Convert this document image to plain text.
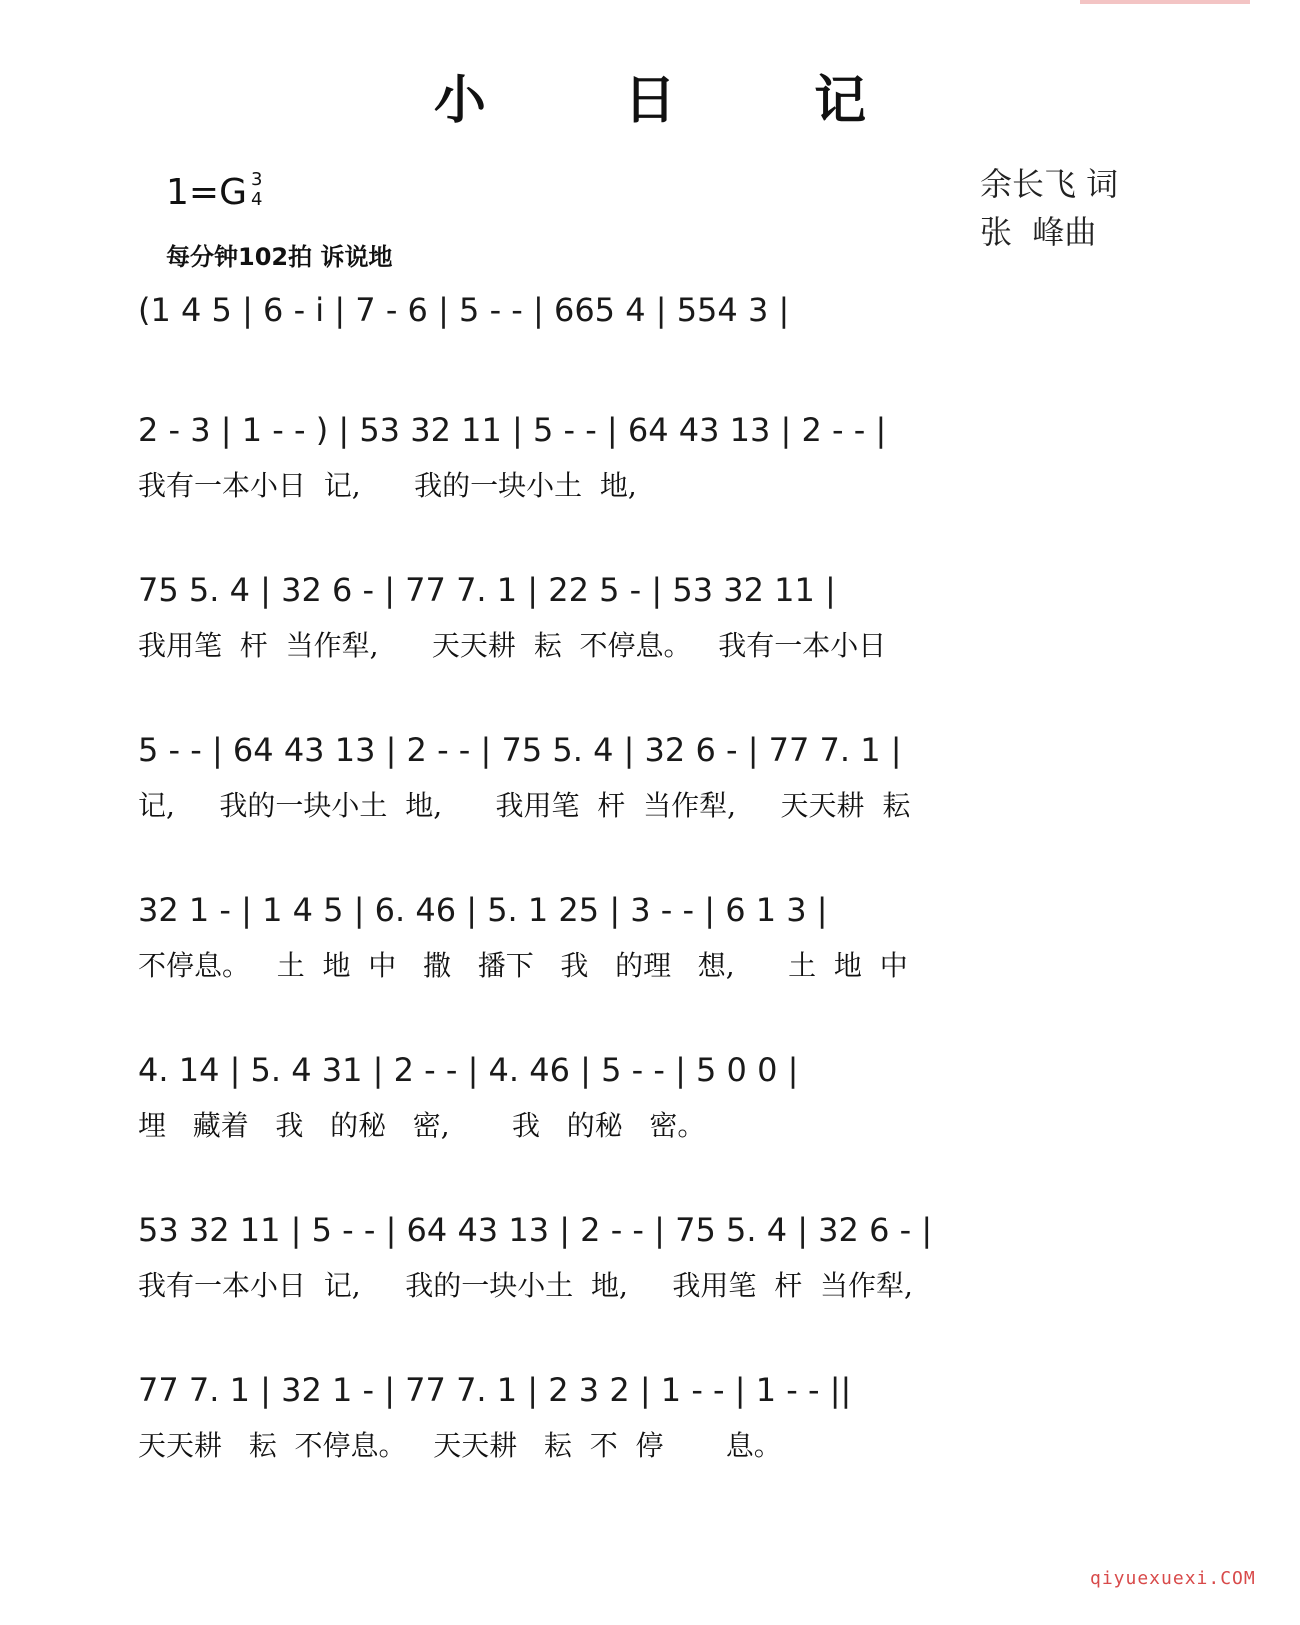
小 日 记
1=G 3
4
每分钟102拍 诉说地
余长飞 词
张  峰曲
(1 4 5 | 6 - i | 7 - 6 | 5 - - | 665 4 | 554 3 |
2 - 3 | 1 - - ) | 53 32 11 | 5 - - | 64 43 13 | 2 - - |
我有一本小日  记,      我的一块小土  地,
75 5. 4 | 32 6 - | 77 7. 1 | 22 5 - | 53 32 11 |
我用笔  杆  当作犁,      天天耕  耘  不停息。   我有一本小日
5 - - | 64 43 13 | 2 - - | 75 5. 4 | 32 6 - | 77 7. 1 |
记,     我的一块小土  地,      我用笔  杆  当作犁,     天天耕  耘
32 1 - | 1 4 5 | 6. 46 | 5. 1 25 | 3 - - | 6 1 3 |
不停息。   土  地  中   撒   播下   我   的理   想,      土  地  中
4. 14 | 5. 4 31 | 2 - - | 4. 46 | 5 - - | 5 0 0 |
埋   藏着   我   的秘   密,       我   的秘   密。
53 32 11 | 5 - - | 64 43 13 | 2 - - | 75 5. 4 | 32 6 - |
我有一本小日  记,     我的一块小土  地,     我用笔  杆  当作犁,
77 7. 1 | 32 1 - | 77 7. 1 | 2 3 2 | 1 - - | 1 - - ||
天天耕   耘  不停息。   天天耕   耘  不  停       息。
qiyuexuexi.COM
